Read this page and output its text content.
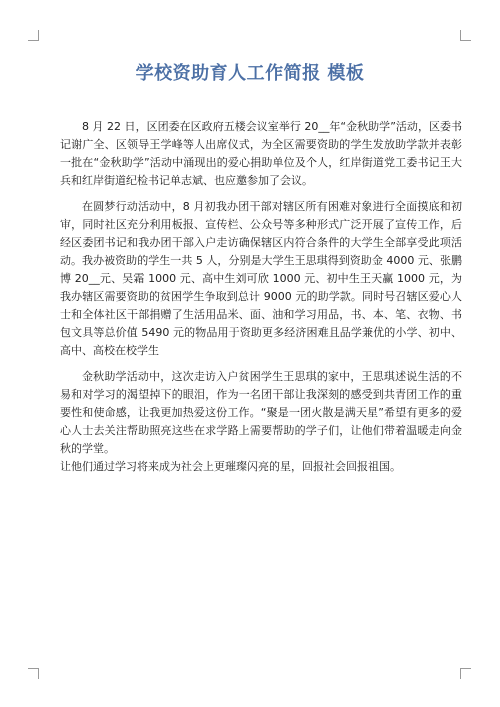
学校资助育人工作简报 模板

8 月 22 日，区团委在区政府五楼会议室举行 20__年“金秋助学”活动，区委书记谢广全、区领导王学峰等人出席仪式，为全区需要资助的学生发放助学款并表彰一批在“金秋助学”活动中涌现出的爱心捐助单位及个人，红岸街道党工委书记王大兵和红岸街道纪检书记单志斌、也应邀参加了会议。

在圆梦行动活动中，8 月初我办团干部对辖区所有困难对象进行全面摸底和初审，同时社区充分利用板报、宣传栏、公众号等多种形式广泛开展了宣传工作，后经区委团书记和我办团干部入户走访确保辖区内符合条件的大学生全部享受此项活动。我办被资助的学生一共 5 人，分别是大学生王思琪得到资助金 4000 元、张鹏博 20__元、吴霜 1000 元、高中生刘可欣 1000 元、初中生王天赢 1000 元，为我办辖区需要资助的贫困学生争取到总计 9000 元的助学款。同时号召辖区爱心人士和全体社区干部捐赠了生活用品米、面、油和学习用品，书、本、笔、衣物、书包文具等总价值 5490 元的物品用于资助更多经济困难且品学兼优的小学、初中、高中、高校在校学生

金秋助学活动中，这次走访入户贫困学生王思琪的家中，王思琪述说生活的不易和对学习的渴望掉下的眼泪，作为一名团干部让我深刻的感受到共青团工作的重要性和使命感，让我更加热爱这份工作。“聚是一团火散是满天星”希望有更多的爱心人士去关注帮助照亮这些在求学路上需要帮助的学子们，让他们带着温暖走向金秋的学堂。

让他们通过学习将来成为社会上更璀璨闪亮的星，回报社会回报祖国。
